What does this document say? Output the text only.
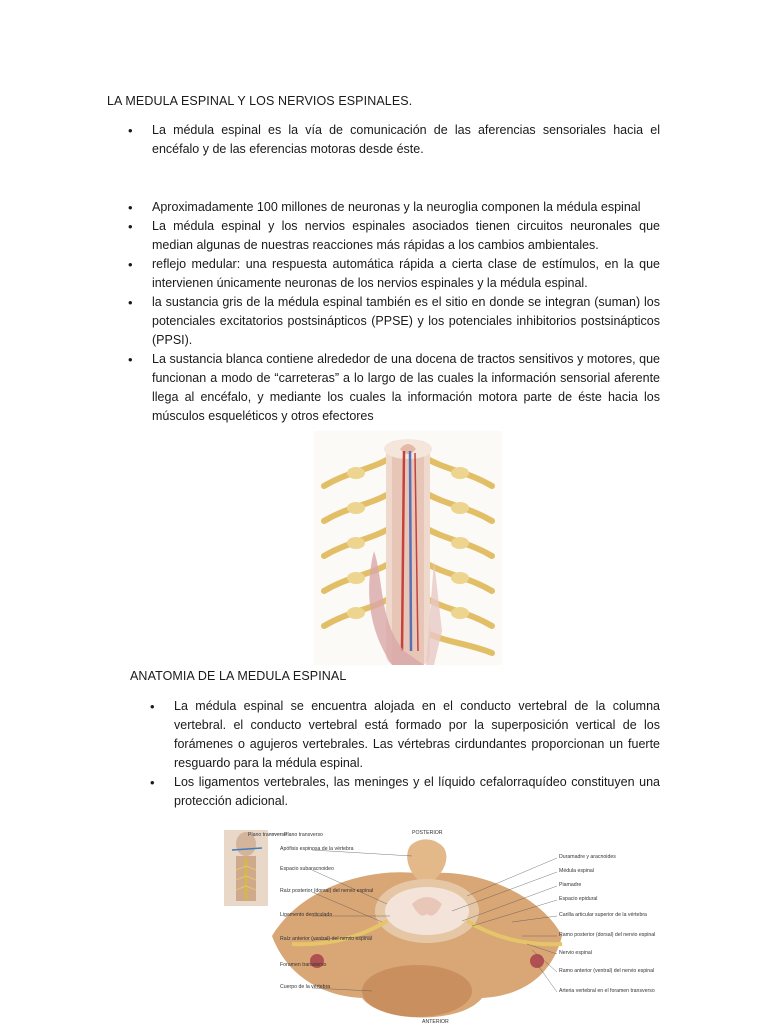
LA MEDULA ESPINAL Y LOS NERVIOS ESPINALES.
• La médula espinal es la vía de comunicación de las aferencias sensoriales hacia el encéfalo y de las eferencias motoras desde éste.
• Aproximadamente 100 millones de neuronas y la neuroglia componen la médula espinal
• La médula espinal y los nervios espinales asociados tienen circuitos neuronales que median algunas de nuestras reacciones más rápidas a los cambios ambientales.
• reflejo medular: una respuesta automática rápida a cierta clase de estímulos, en la que intervienen únicamente neuronas de los nervios espinales y la médula espinal.
• la sustancia gris de la médula espinal también es el sitio en donde se integran (suman) los potenciales excitatorios postsinápticos (PPSE) y los potenciales inhibitorios postsinápticos (PPSI).
• La sustancia blanca contiene alrededor de una docena de tractos sensitivos y motores, que funcionan a modo de “carreteras” a lo largo de las cuales la información sensorial aferente llega al encéfalo, y mediante los cuales la información motora parte de éste hacia los músculos esqueléticos y otros efectores
ANATOMIA DE LA MEDULA ESPINAL
• La médula espinal se encuentra alojada en el conducto vertebral de la columna vertebral. el conducto vertebral está formado por la superposición vertical de los forámenes o agujeros vertebrales. Las vértebras cirdundantes proporcionan un fuerte resguardo para la médula espinal.
• Los ligamentos vertebrales, las meninges y el líquido cefalorraquídeo constituyen una protección adicional.
Plano transverso	POSTERIOR
ANTERIOR
Plano transverso
Apófisis espinosa de la vértebra
Espacio subaracnoideo
Raíz posterior (dorsal) del nervio espinal
Ligamento denticulado
Raíz anterior (ventral) del nervio espinal
Foramen transverso
Cuerpo de la vértebra
Duramadre y aracnoides
Médula espinal
Piamadre
Espacio epidural
Carilla articular superior de la vértebra
Ramo posterior (dorsal) del nervio espinal
Nervio espinal
Ramo anterior (ventral) del nervio espinal
Arteria vertebral en el foramen transverso
